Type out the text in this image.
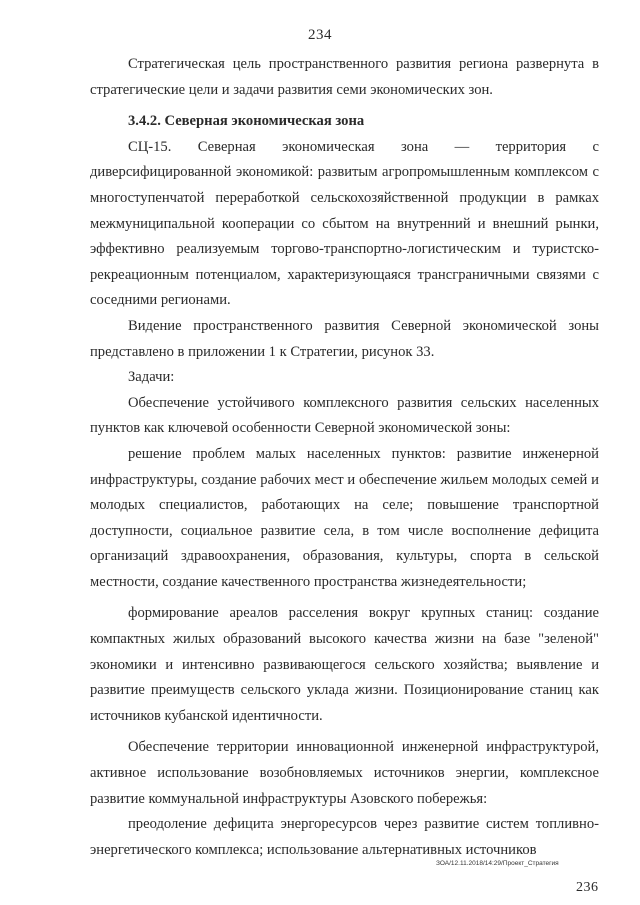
234

Стратегическая цель пространственного развития региона развернута в стратегические цели и задачи развития семи экономических зон.

3.4.2. Северная экономическая зона

СЦ-15. Северная экономическая зона — территория с диверсифицированной экономикой: развитым агропромышленным комплексом с многоступенчатой переработкой сельскохозяйственной продукции в рамках межмуниципальной кооперации со сбытом на внутренний и внешний рынки, эффективно реализуемым торгово-транспортно-логистическим и туристско-рекреационным потенциалом, характеризующаяся трансграничными связями с соседними регионами.

Видение пространственного развития Северной экономической зоны представлено в приложении 1 к Стратегии, рисунок 33.

Задачи:

Обеспечение устойчивого комплексного развития сельских населенных пунктов как ключевой особенности Северной экономической зоны:

решение проблем малых населенных пунктов: развитие инженерной инфраструктуры, создание рабочих мест и обеспечение жильем молодых семей и молодых специалистов, работающих на селе; повышение транспортной доступности, социальное развитие села, в том числе восполнение дефицита организаций здравоохранения, образования, культуры, спорта в сельской местности, создание качественного пространства жизнедеятельности;

формирование ареалов расселения вокруг крупных станиц: создание компактных жилых образований высокого качества жизни на базе "зеленой" экономики и интенсивно развивающегося сельского хозяйства; выявление и развитие преимуществ сельского уклада жизни. Позиционирование станиц как источников кубанской идентичности.

Обеспечение территории инновационной инженерной инфраструктурой, активное использование возобновляемых источников энергии, комплексное развитие коммунальной инфраструктуры Азовского побережья:

преодоление дефицита энергоресурсов через развитие систем топливно-энергетического комплекса; использование альтернативных источников

ЗОА/12.11.2018/14:29/Проект_Стратегия
236
